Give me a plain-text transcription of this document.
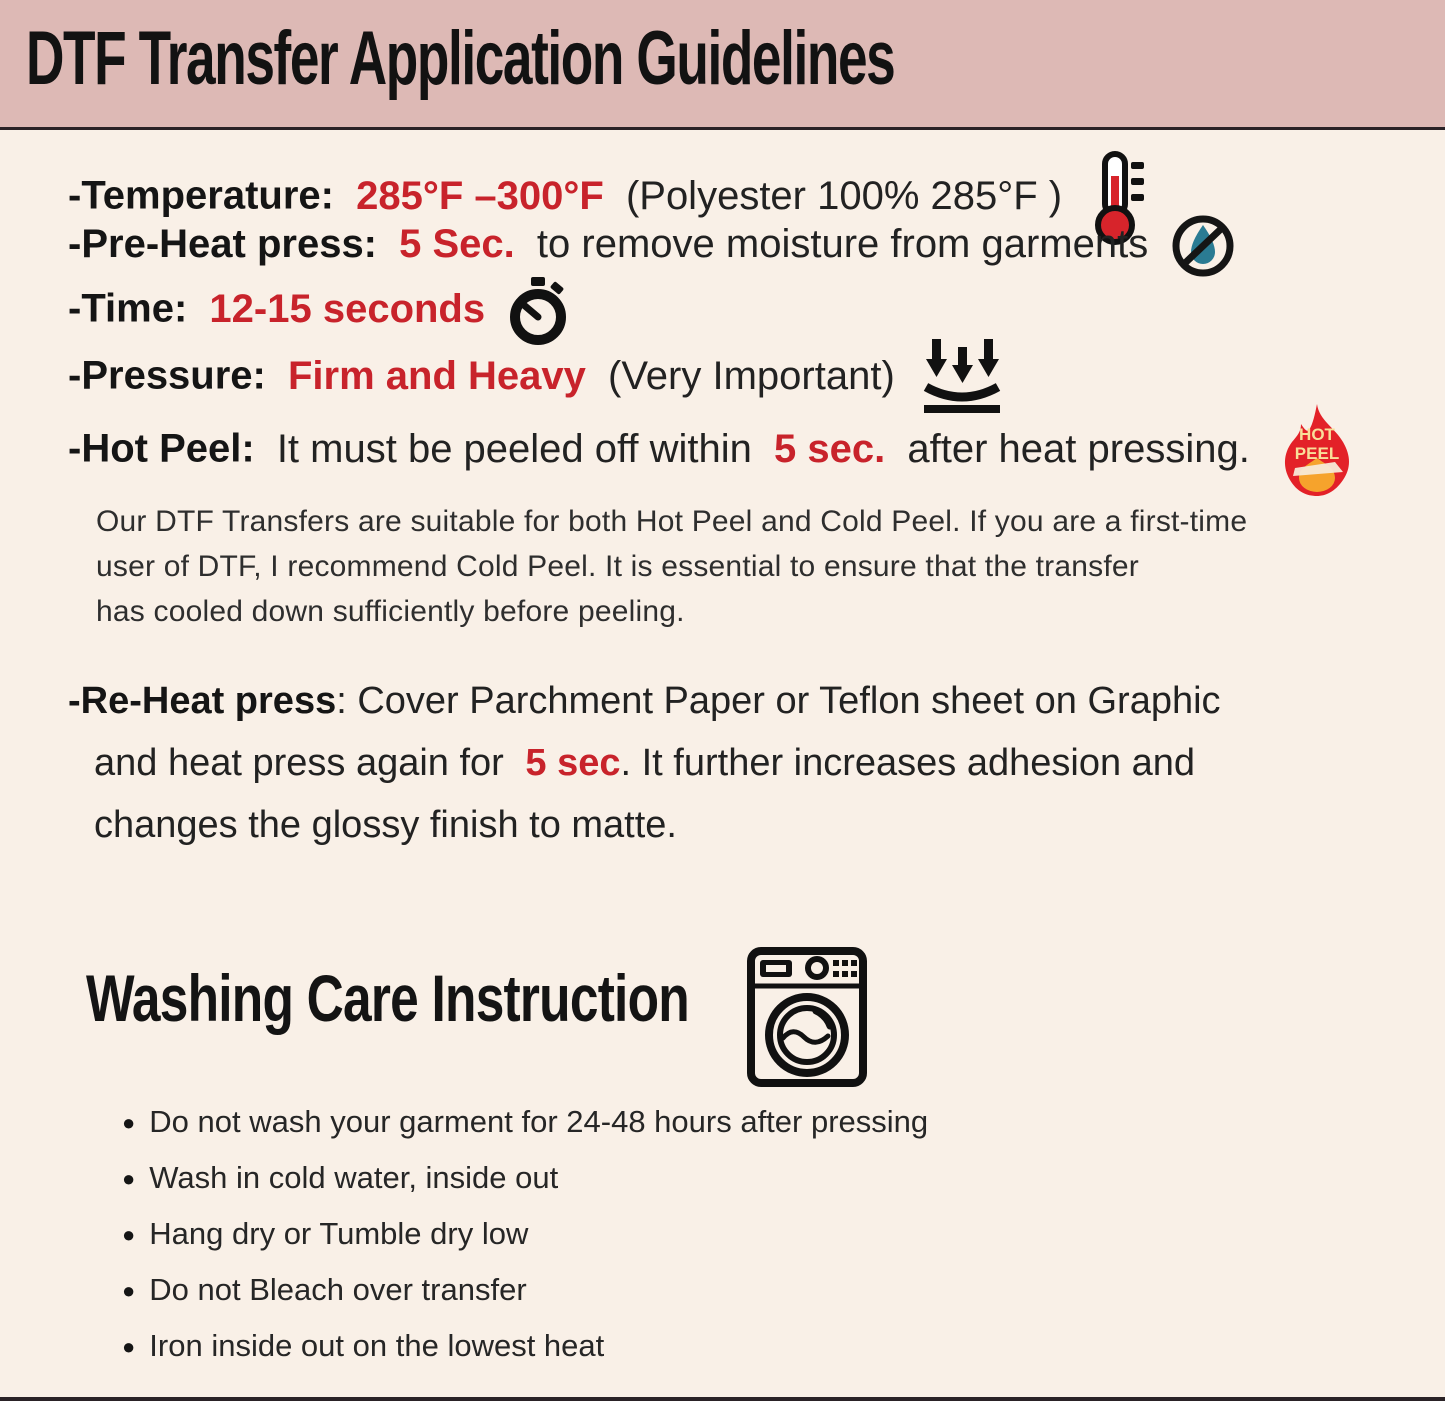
DTF Transfer Application Guidelines
-Temperature: 285°F –300°F (Polyester 100% 285°F )
-Pre-Heat press: 5 Sec. to remove moisture from garments
-Time: 12-15 seconds
-Pressure: Firm and Heavy (Very Important)
-Hot Peel: It must be peeled off within 5 sec. after heat pressing.	HOT
PEEL
Our DTF Transfers are suitable for both Hot Peel and Cold Peel. If you are a first-time
user of DTF, I recommend Cold Peel. It is essential to ensure that the transfer
has cooled down sufficiently before peeling.
-Re-Heat press: Cover Parchment Paper or Teflon sheet on Graphic
and heat press again for 5 sec. It further increases adhesion and
changes the glossy finish to matte.
Washing Care Instruction
● Do not wash your garment for 24-48 hours after pressing
● Wash in cold water, inside out
● Hang dry or Tumble dry low
● Do not Bleach over transfer
● Iron inside out on the lowest heat
